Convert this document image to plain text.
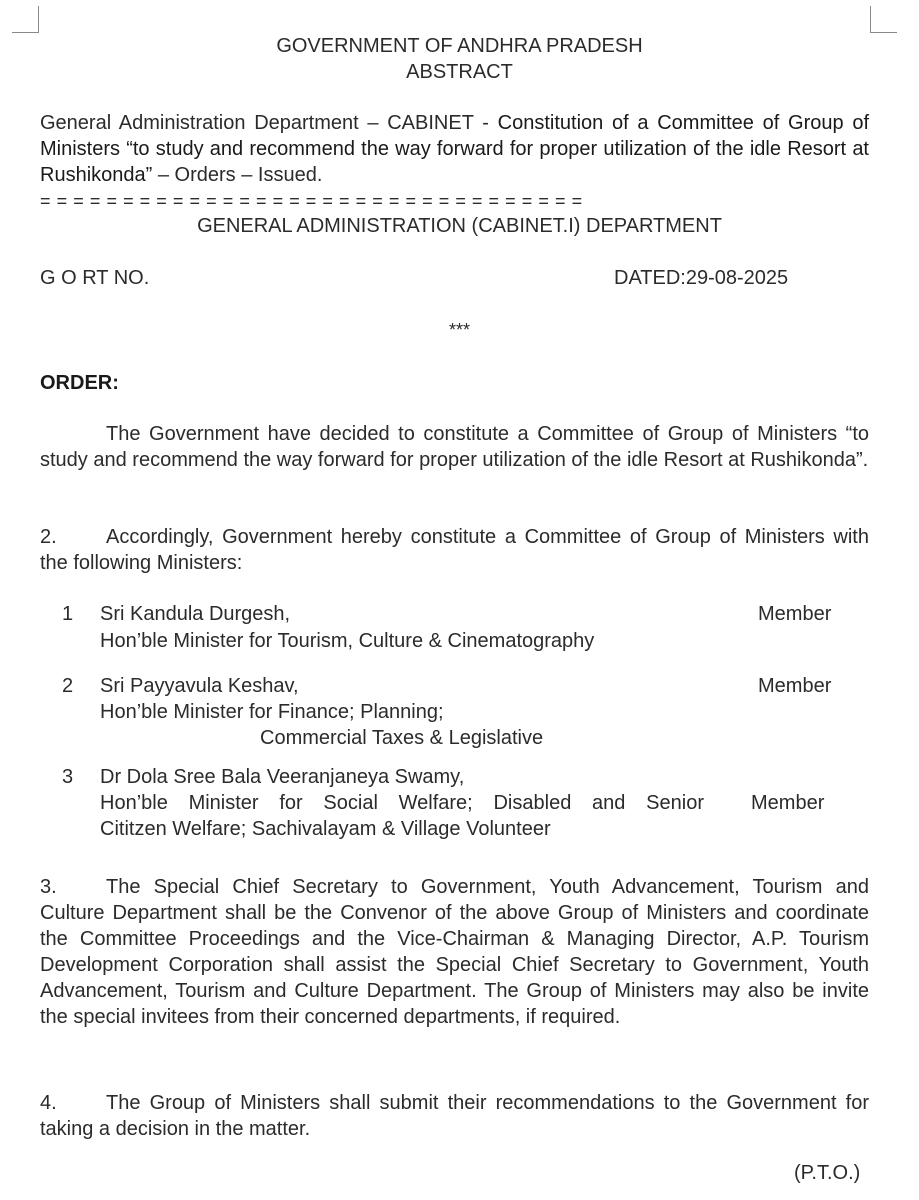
GOVERNMENT OF ANDHRA PRADESH
ABSTRACT
General Administration Department – CABINET - Constitution of a Committee of Group of Ministers “to study and recommend the way forward for proper utilization of the idle Resort at Rushikonda” – Orders – Issued.
= = = = = = = = = = = = = = = = = = = = = = = = = = = = = = = = =
GENERAL ADMINISTRATION (CABINET.I) DEPARTMENT
G O RT NO.	DATED:29-08-2025
***
ORDER:
The Government have decided to constitute a Committee of Group of Ministers “to study and recommend the way forward for proper utilization of the idle Resort at Rushikonda”.
2. Accordingly, Government hereby constitute a Committee of Group of Ministers with the following Ministers:
1 Sri Kandula Durgesh,	Member
Hon’ble Minister for Tourism, Culture & Cinematography
2 Sri Payyavula Keshav,	Member
Hon’ble Minister for Finance; Planning;
Commercial Taxes & Legislative
3 Dr Dola Sree Bala Veeranjaneya Swamy,
Hon’ble Minister for Social Welfare; Disabled and Senior Member
Cititzen Welfare; Sachivalayam & Village Volunteer
3. The Special Chief Secretary to Government, Youth Advancement, Tourism and Culture Department shall be the Convenor of the above Group of Ministers and coordinate the Committee Proceedings and the Vice-Chairman & Managing Director, A.P. Tourism Development Corporation shall assist the Special Chief Secretary to Government, Youth Advancement, Tourism and Culture Department. The Group of Ministers may also be invite the special invitees from their concerned departments, if required.
4. The Group of Ministers shall submit their recommendations to the Government for taking a decision in the matter.
(P.T.O.)
